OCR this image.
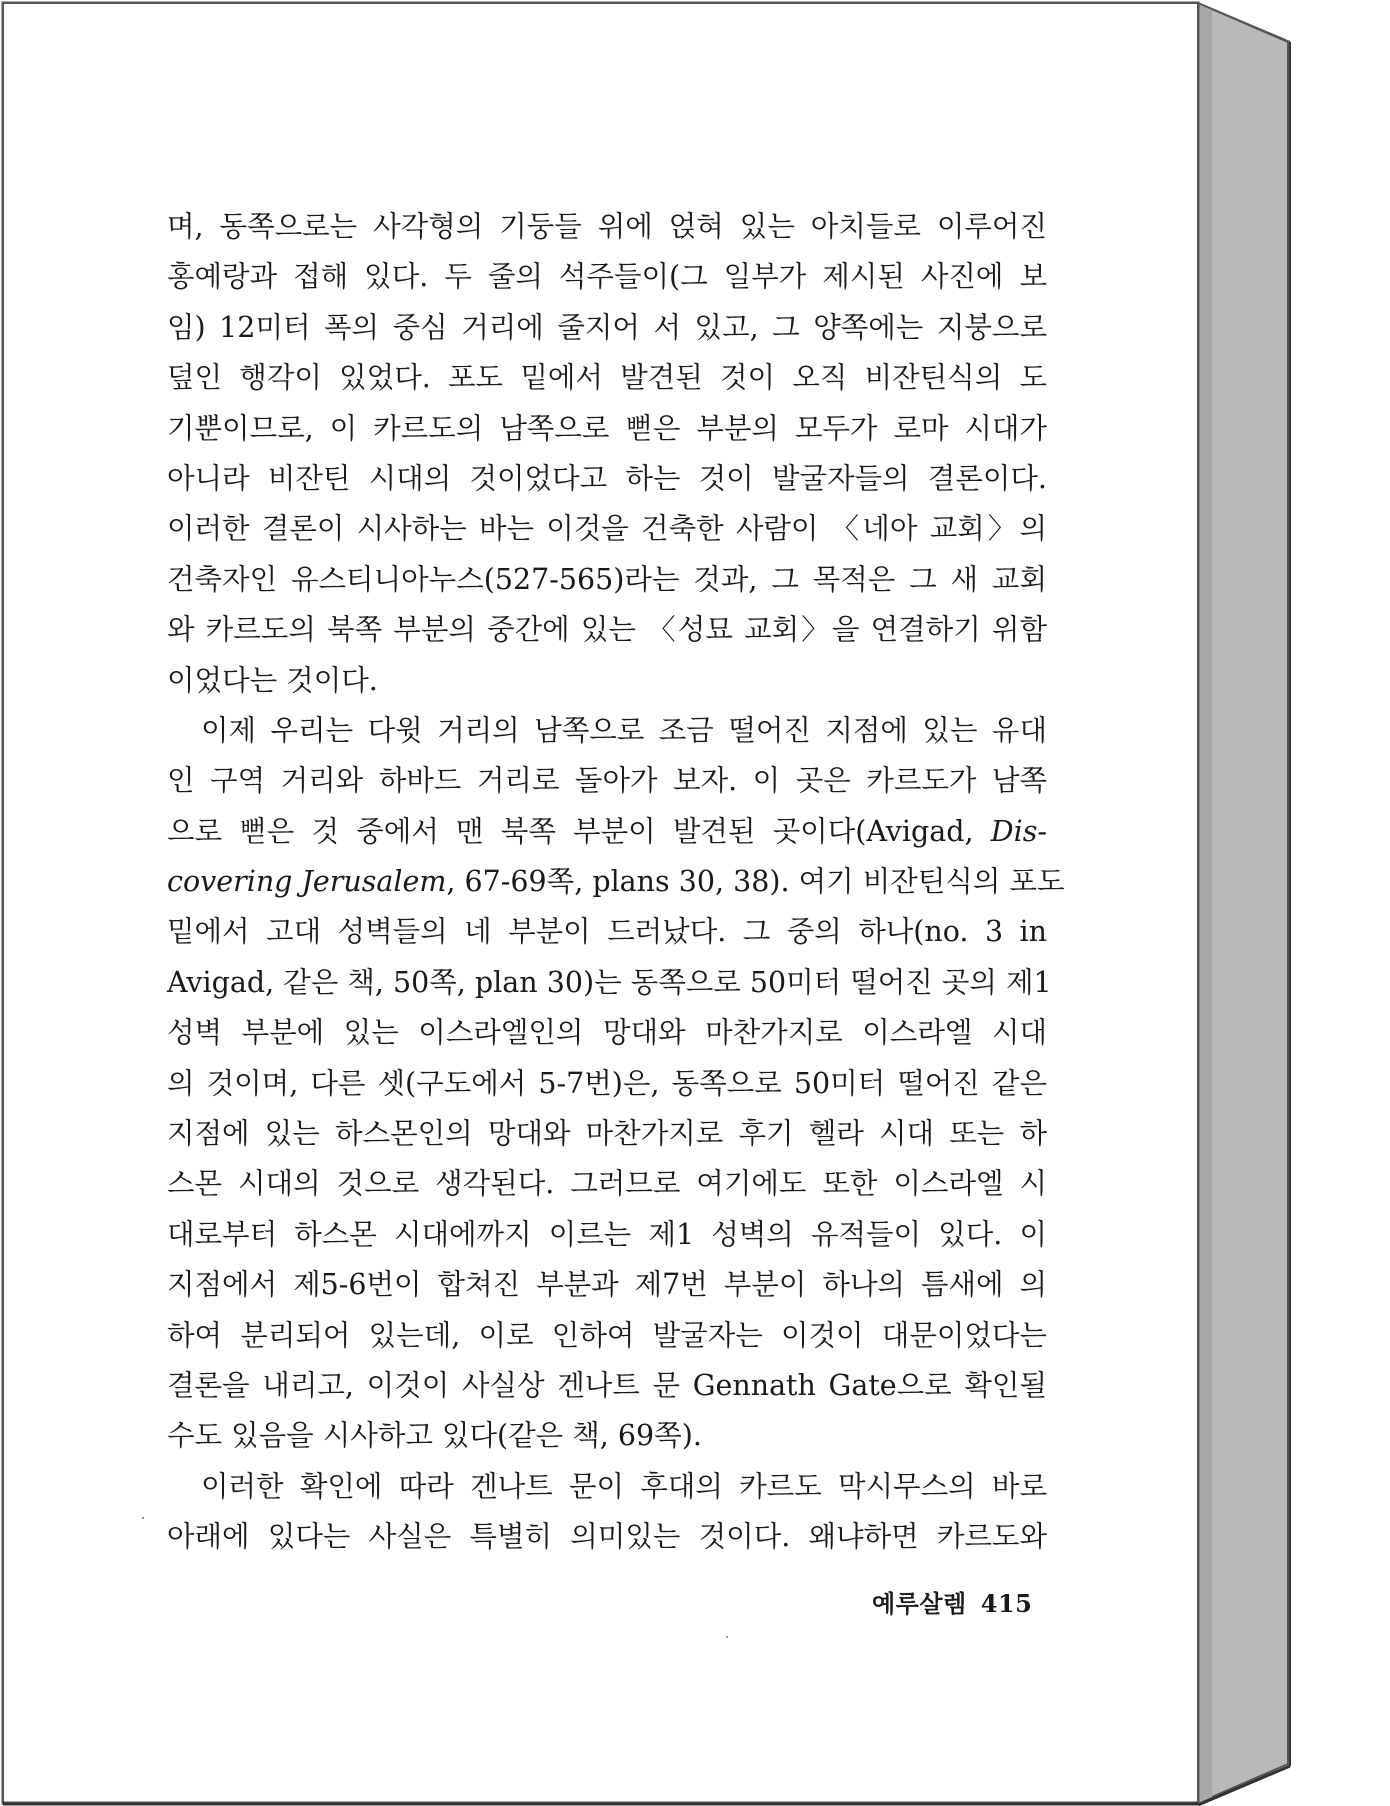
며, 동쪽으로는 사각형의 기둥들 위에 얹혀 있는 아치들로 이루어진
홍예랑과 접해 있다. 두 줄의 석주들이(그 일부가 제시된 사진에 보
임) 12미터 폭의 중심 거리에 줄지어 서 있고, 그 양쪽에는 지붕으로
덮인 행각이 있었다. 포도 밑에서 발견된 것이 오직 비잔틴식의 도
기뿐이므로, 이 카르도의 남쪽으로 뻗은 부분의 모두가 로마 시대가
아니라 비잔틴 시대의 것이었다고 하는 것이 발굴자들의 결론이다.
이러한 결론이 시사하는 바는 이것을 건축한 사람이 〈네아 교회〉의
건축자인 유스티니아누스(527-565)라는 것과, 그 목적은 그 새 교회
와 카르도의 북쪽 부분의 중간에 있는 〈성묘 교회〉을 연결하기 위함
이었다는 것이다.
이제 우리는 다윗 거리의 남쪽으로 조금 떨어진 지점에 있는 유대
인 구역 거리와 하바드 거리로 돌아가 보자. 이 곳은 카르도가 남쪽
으로 뻗은 것 중에서 맨 북쪽 부분이 발견된 곳이다(Avigad, Dis-
covering Jerusalem, 67-69쪽, plans 30, 38). 여기 비잔틴식의 포도
밑에서 고대 성벽들의 네 부분이 드러났다. 그 중의 하나(no. 3 in
Avigad, 같은 책, 50쪽, plan 30)는 동쪽으로 50미터 떨어진 곳의 제1
성벽 부분에 있는 이스라엘인의 망대와 마찬가지로 이스라엘 시대
의 것이며, 다른 셋(구도에서 5-7번)은, 동쪽으로 50미터 떨어진 같은
지점에 있는 하스몬인의 망대와 마찬가지로 후기 헬라 시대 또는 하
스몬 시대의 것으로 생각된다. 그러므로 여기에도 또한 이스라엘 시
대로부터 하스몬 시대에까지 이르는 제1 성벽의 유적들이 있다. 이
지점에서 제5-6번이 합쳐진 부분과 제7번 부분이 하나의 틈새에 의
하여 분리되어 있는데, 이로 인하여 발굴자는 이것이 대문이었다는
결론을 내리고, 이것이 사실상 겐나트 문 Gennath Gate으로 확인될
수도 있음을 시사하고 있다(같은 책, 69쪽).
이러한 확인에 따라 겐나트 문이 후대의 카르도 막시무스의 바로
아래에 있다는 사실은 특별히 의미있는 것이다. 왜냐하면 카르도와
예루살렘 415
